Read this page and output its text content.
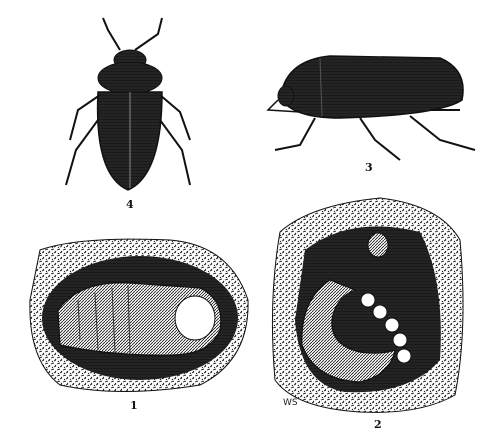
4
3
1
2
WS
